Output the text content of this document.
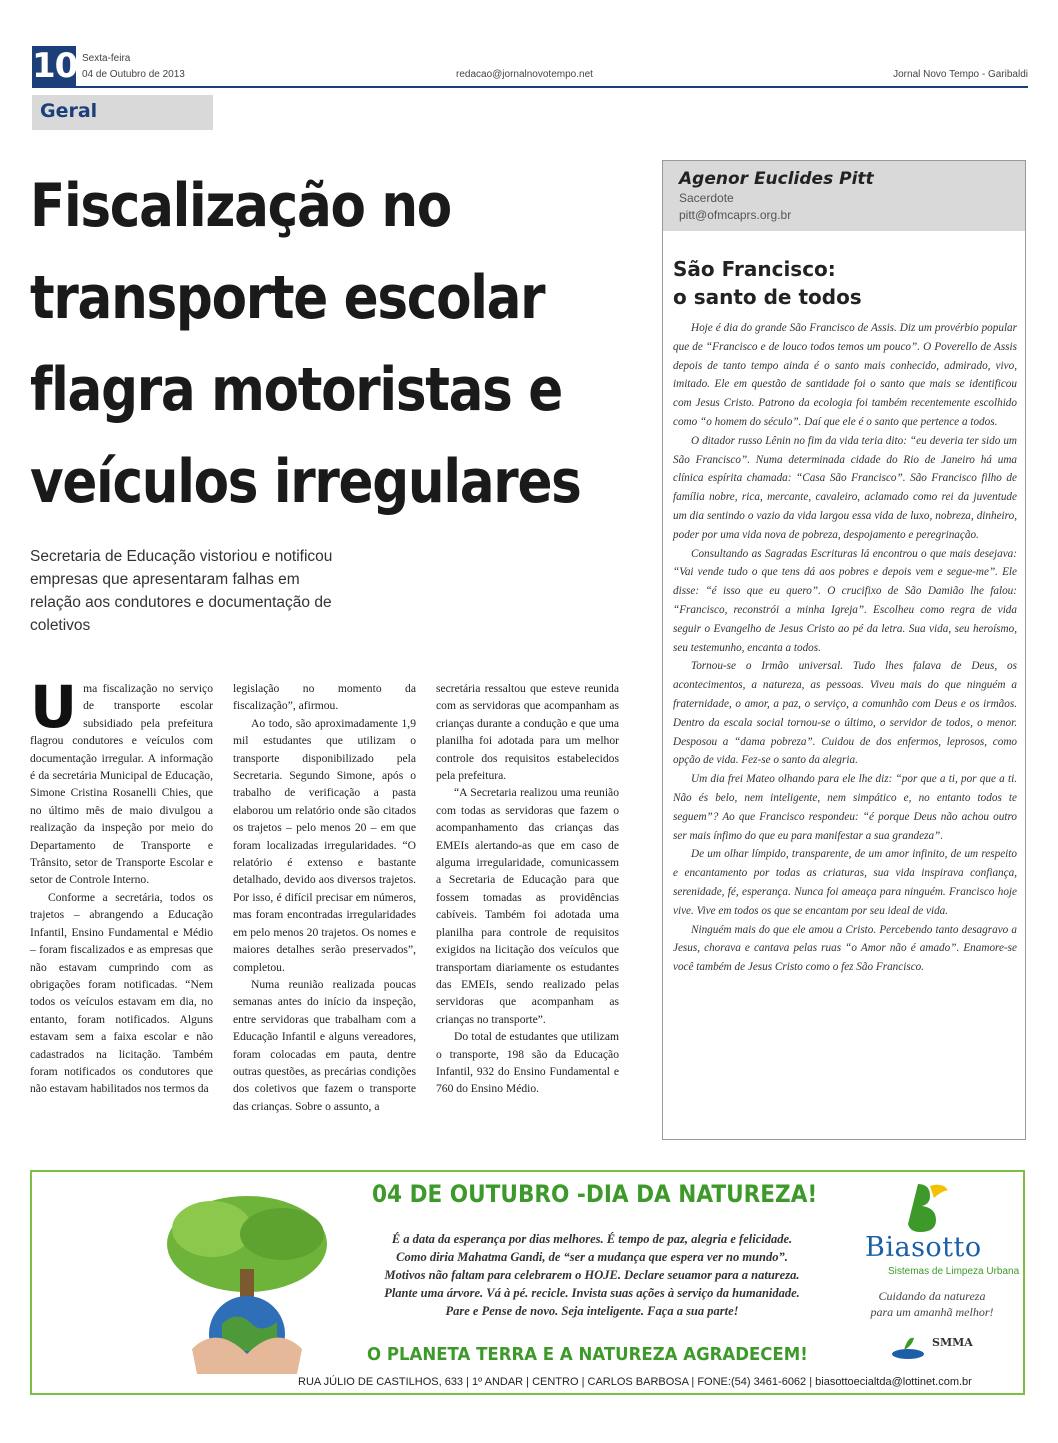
10 Sexta-feira
04 de Outubro de 2013	redacao@jornalnovotempo.net	Jornal Novo Tempo - Garibaldi
Geral
Fiscalização no
transporte escolar
flagra motoristas e
veículos irregulares
Secretaria de Educação vistoriou e notificou empresas que apresentaram falhas em relação aos condutores e documentação de coletivos
U ma fiscalização no serviço de transporte escolar subsidiado pela prefeitura flagrou condutores e veículos com documentação irregular. A informação é da secretária Municipal de Educação, Simone Cristina Rosanelli Chies, que no último mês de maio divulgou a realização da inspeção por meio do Departamento de Transporte e Trânsito, setor de Transporte Escolar e setor de Controle Interno.

Conforme a secretária, todos os trajetos – abrangendo a Educação Infantil, Ensino Fundamental e Médio – foram fiscalizados e as empresas que não estavam cumprindo com as obrigações foram notificadas. “Nem todos os veículos estavam em dia, no entanto, foram notificados. Alguns estavam sem a faixa escolar e não cadastrados na licitação. Também foram notificados os condutores que não estavam habilitados nos termos da

legislação no momento da fiscalização”, afirmou.

Ao todo, são aproximadamente 1,9 mil estudantes que utilizam o transporte disponibilizado pela Secretaria. Segundo Simone, após o trabalho de verificação a pasta elaborou um relatório onde são citados os trajetos – pelo menos 20 – em que foram localizadas irregularidades. “O relatório é extenso e bastante detalhado, devido aos diversos trajetos. Por isso, é difícil precisar em números, mas foram encontradas irregularidades em pelo menos 20 trajetos. Os nomes e maiores detalhes serão preservados”, completou.

Numa reunião realizada poucas semanas antes do início da inspeção, entre servidoras que trabalham com a Educação Infantil e alguns vereadores, foram colocadas em pauta, dentre outras questões, as precárias condições dos coletivos que fazem o transporte das crianças. Sobre o assunto, a

secretária ressaltou que esteve reunida com as servidoras que acompanham as crianças durante a condução e que uma planilha foi adotada para um melhor controle dos requisitos estabelecidos pela prefeitura.

“A Secretaria realizou uma reunião com todas as servidoras que fazem o acompanhamento das crianças das EMEIs alertando-as que em caso de alguma irregularidade, comunicassem a Secretaria de Educação para que fossem tomadas as providências cabíveis. Também foi adotada uma planilha para controle de requisitos exigidos na licitação dos veículos que transportam diariamente os estudantes das EMEIs, sendo realizado pelas servidoras que acompanham as crianças no transporte”.

Do total de estudantes que utilizam o transporte, 198 são da Educação Infantil, 932 do Ensino Fundamental e 760 do Ensino Médio.

Agenor Euclides Pitt
Sacerdote
pitt@ofmcaprs.org.br
São Francisco:
o santo de todos

Hoje é dia do grande São Francisco de Assis. Diz um provérbio popular que de “Francisco e de louco todos temos um pouco”. O Poverello de Assis depois de tanto tempo ainda é o santo mais conhecido, admirado, vivo, imitado. Ele em questão de santidade foi o santo que mais se identificou com Jesus Cristo. Patrono da ecologia foi também recentemente escolhido como “o homem do século”. Daí que ele é o santo que pertence a todos.

O ditador russo Lênin no fim da vida teria dito: “eu deveria ter sido um São Francisco”. Numa determinada cidade do Rio de Janeiro há uma clínica espírita chamada: “Casa São Francisco”. São Francisco filho de família nobre, rica, mercante, cavaleiro, aclamado como rei da juventude um dia sentindo o vazio da vida largou essa vida de luxo, nobreza, dinheiro, poder por uma vida nova de pobreza, despojamento e peregrinação.

Consultando as Sagradas Escrituras lá encontrou o que mais desejava: “Vai vende tudo o que tens dá aos pobres e depois vem e segue-me”. Ele disse: “é isso que eu quero”. O crucifixo de São Damião lhe falou: “Francisco, reconstrói a minha Igreja”. Escolheu como regra de vida seguir o Evangelho de Jesus Cristo ao pé da letra. Sua vida, seu heroísmo, seu testemunho, encanta a todos.

Tornou-se o Irmão universal. Tudo lhes falava de Deus, os acontecimentos, a natureza, as pessoas. Viveu mais do que ninguém a fraternidade, o amor, a paz, o serviço, a comunhão com Deus e os irmãos. Dentro da escala social tornou-se o último, o servidor de todos, o menor. Desposou a “dama pobreza”. Cuidou de dos enfermos, leprosos, como opção de vida. Fez-se o santo da alegria.

Um dia frei Mateo olhando para ele lhe diz: “por que a ti, por que a ti. Não és belo, nem inteligente, nem simpático e, no entanto todos te seguem”? Ao que Francisco respondeu: “é porque Deus não achou outro ser mais ínfimo do que eu para manifestar a sua grandeza”.

De um olhar límpido, transparente, de um amor infinito, de um respeito e encantamento por todas as criaturas, sua vida inspirava confiança, serenidade, fé, esperança. Nunca foi ameaça para ninguém. Francisco hoje vive. Vive em todos os que se encantam por seu ideal de vida.

Ninguém mais do que ele amou a Cristo. Percebendo tanto desagravo a Jesus, chorava e cantava pelas ruas “o Amor não é amado”. Enamore-se você também de Jesus Cristo como o fez São Francisco.

04 DE OUTUBRO -DIA DA NATUREZA!
É a data da esperança por dias melhores. É tempo de paz, alegria e felicidade.
Como diria Mahatma Gandi, de “ser a mudança que espera ver no mundo”.
Motivos não faltam para celebrarem o HOJE. Declare seuamor para a natureza.
Plante uma árvore. Vá à pé. recicle. Invista suas ações à serviço da humanidade.
Pare e Pense de novo. Seja inteligente. Faça a sua parte!
O PLANETA TERRA E A NATUREZA AGRADECEM!
RUA JÚLIO DE CASTILHOS, 633 | 1º ANDAR | CENTRO | CARLOS BARBOSA | FONE:(54) 3461-6062 | biasottoecialtda@lottinet.com.br
Biasotto
Sistemas de Limpeza Urbana
Cuidando da natureza
para um amanhã melhor!
SMMA
